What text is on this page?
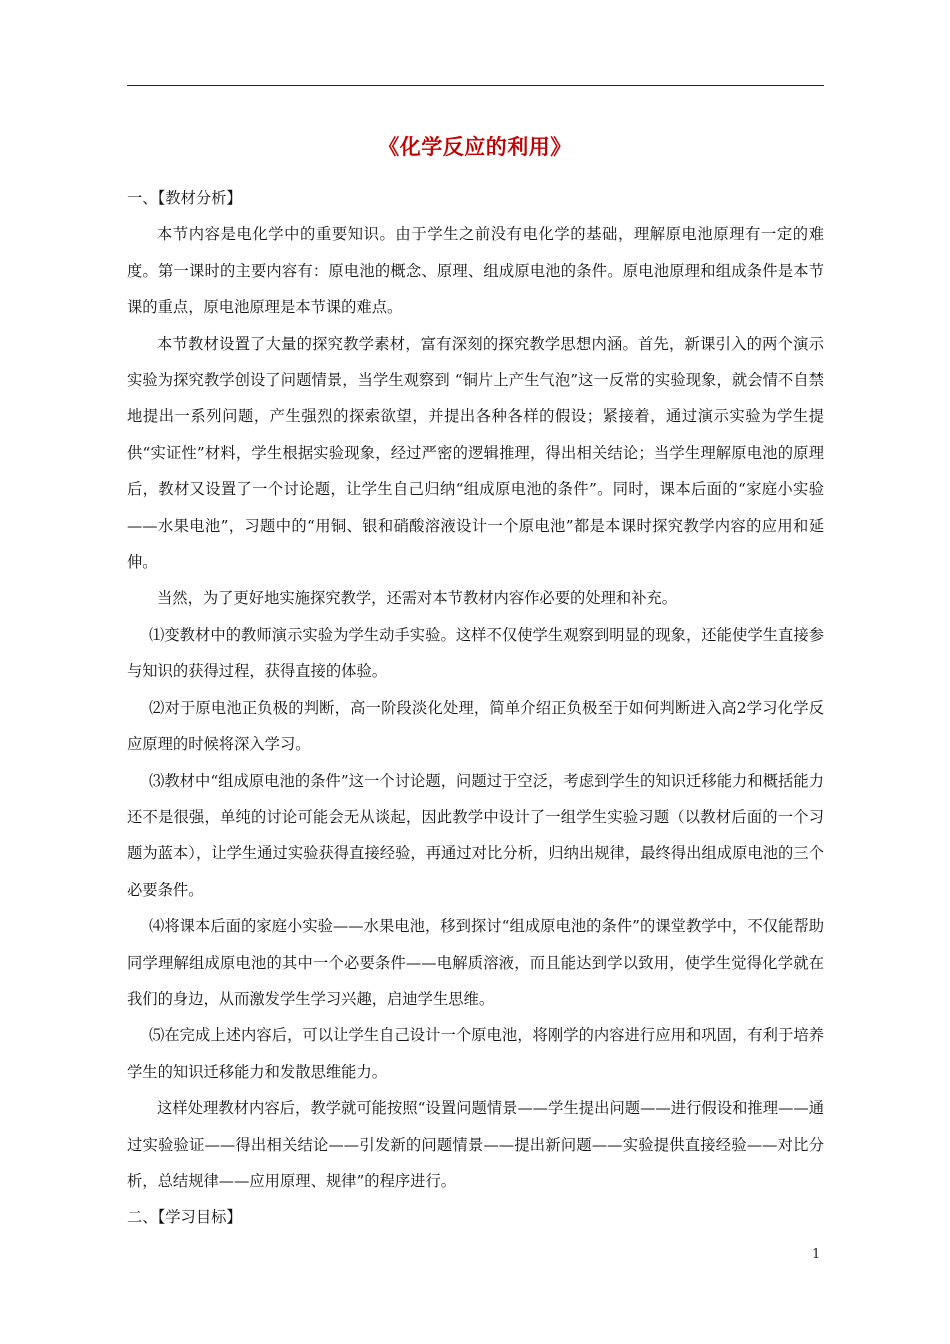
《化学反应的利用》

一、【教材分析】

本节内容是电化学中的重要知识。由于学生之前没有电化学的基础，理解原电池原理有一定的难度。第一课时的主要内容有：原电池的概念、原理、组成原电池的条件。原电池原理和组成条件是本节课的重点，原电池原理是本节课的难点。

本节教材设置了大量的探究教学素材，富有深刻的探究教学思想内涵。首先，新课引入的两个演示实验为探究教学创设了问题情景，当学生观察到 “铜片上产生气泡”这一反常的实验现象，就会情不自禁地提出一系列问题，产生强烈的探索欲望，并提出各种各样的假设；紧接着，通过演示实验为学生提供“实证性”材料，学生根据实验现象，经过严密的逻辑推理，得出相关结论；当学生理解原电池的原理后，教材又设置了一个讨论题，让学生自己归纳“组成原电池的条件”。同时，课本后面的“家庭小实验——水果电池”，习题中的“用铜、银和硝酸溶液设计一个原电池”都是本课时探究教学内容的应用和延伸。

当然，为了更好地实施探究教学，还需对本节教材内容作必要的处理和补充。

⑴变教材中的教师演示实验为学生动手实验。这样不仅使学生观察到明显的现象，还能使学生直接参与知识的获得过程，获得直接的体验。

⑵对于原电池正负极的判断，高一阶段淡化处理，简单介绍正负极至于如何判断进入高2学习化学反应原理的时候将深入学习。

⑶教材中“组成原电池的条件”这一个讨论题，问题过于空泛，考虑到学生的知识迁移能力和概括能力还不是很强，单纯的讨论可能会无从谈起，因此教学中设计了一组学生实验习题（以教材后面的一个习题为蓝本），让学生通过实验获得直接经验，再通过对比分析，归纳出规律，最终得出组成原电池的三个必要条件。

⑷将课本后面的家庭小实验——水果电池，移到探讨“组成原电池的条件”的课堂教学中，不仅能帮助同学理解组成原电池的其中一个必要条件——电解质溶液，而且能达到学以致用，使学生觉得化学就在我们的身边，从而激发学生学习兴趣，启迪学生思维。

⑸在完成上述内容后，可以让学生自己设计一个原电池，将刚学的内容进行应用和巩固，有利于培养学生的知识迁移能力和发散思维能力。

这样处理教材内容后，教学就可能按照“设置问题情景——学生提出问题——进行假设和推理——通过实验验证——得出相关结论——引发新的问题情景——提出新问题——实验提供直接经验——对比分析，总结规律——应用原理、规律”的程序进行。

二、【学习目标】

1
